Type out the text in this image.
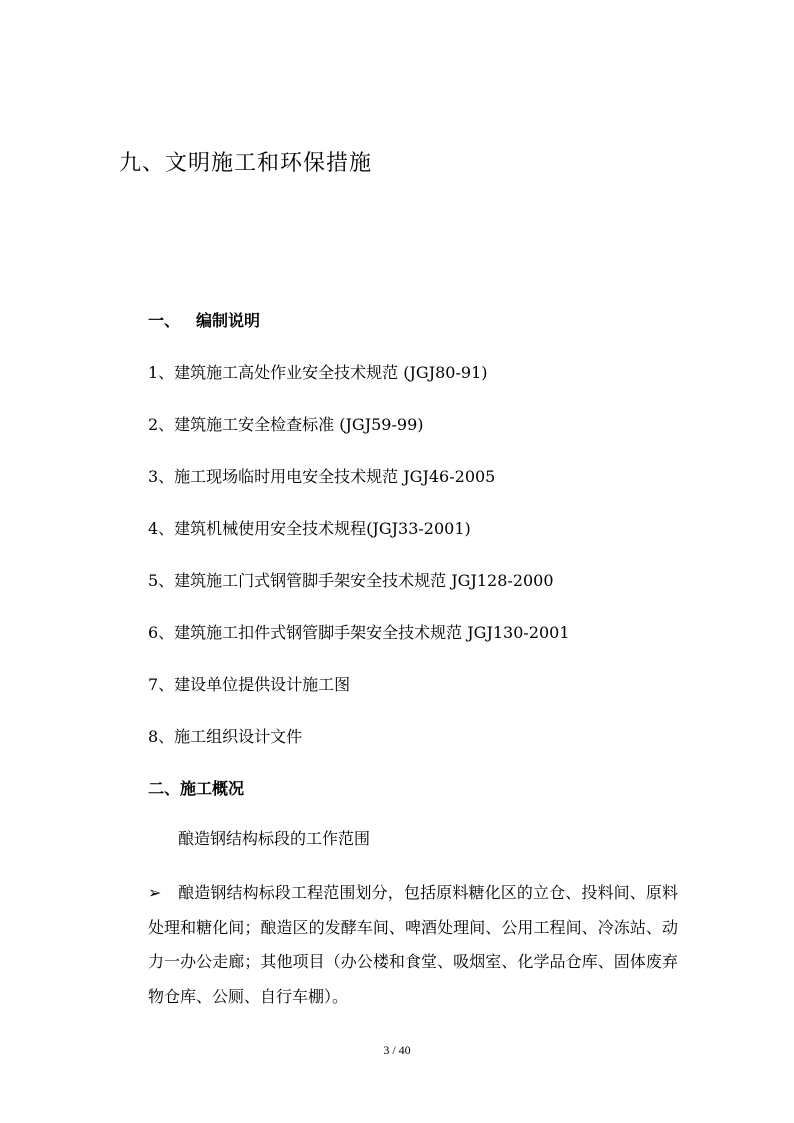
九、文明施工和环保措施
一、 编制说明
1、建筑施工高处作业安全技术规范 (JGJ80-91)
2、建筑施工安全检查标准 (JGJ59-99)
3、施工现场临时用电安全技术规范 JGJ46-2005
4、建筑机械使用安全技术规程(JGJ33-2001)
5、建筑施工门式钢管脚手架安全技术规范 JGJ128-2000
6、建筑施工扣件式钢管脚手架安全技术规范 JGJ130-2001
7、建设单位提供设计施工图
8、施工组织设计文件
二、施工概况
酿造钢结构标段的工作范围
➢ 酿造钢结构标段工程范围划分，包括原料糖化区的立仓、投料间、原料处理和糖化间；酿造区的发酵车间、啤酒处理间、公用工程间、冷冻站、动力一办公走廊；其他项目（办公楼和食堂、吸烟室、化学品仓库、固体废弃物仓库、公厕、自行车棚）。
3 / 40
